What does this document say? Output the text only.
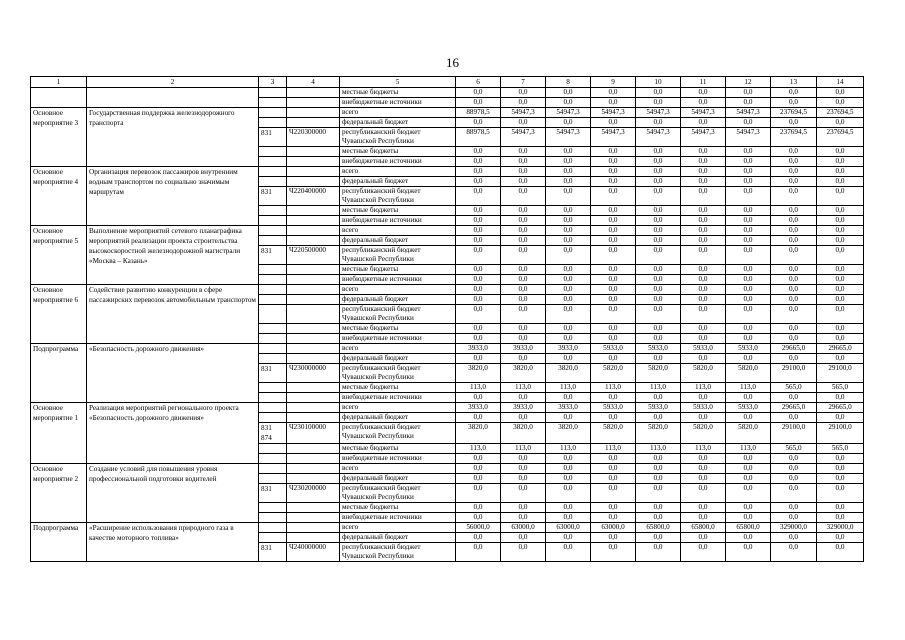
16
1	2	3	4	5	6	7	8	9	10	11	12	13	14
				местные бюджеты	0,0	0,0	0,0	0,0	0,0	0,0	0,0	0,0	0,0
				внебюджетные источники	0,0	0,0	0,0	0,0	0,0	0,0	0,0	0,0	0,0
Основное мероприятие 3	Государственная поддержка железнодорожного транспорта			всего	88978,5	54947,3	54947,3	54947,3	54947,3	54947,3	54947,3	237694,5	237694,5
				федеральный бюджет	0,0	0,0	0,0	0,0	0,0	0,0	0,0	0,0	0,0
		831	Ч220300000	республиканский бюджет Чувашской Республики	88978,5	54947,3	54947,3	54947,3	54947,3	54947,3	54947,3	237694,5	237694,5
				местные бюджеты	0,0	0,0	0,0	0,0	0,0	0,0	0,0	0,0	0,0
				внебюджетные источники	0,0	0,0	0,0	0,0	0,0	0,0	0,0	0,0	0,0
Основное мероприятие 4	Организация перевозок пассажиров внутренним водным транспортом по социально значимым маршрутам			всего	0,0	0,0	0,0	0,0	0,0	0,0	0,0	0,0	0,0
				федеральный бюджет	0,0	0,0	0,0	0,0	0,0	0,0	0,0	0,0	0,0
		831	Ч220400000	республиканский бюджет Чувашской Республики	0,0	0,0	0,0	0,0	0,0	0,0	0,0	0,0	0,0
				местные бюджеты	0,0	0,0	0,0	0,0	0,0	0,0	0,0	0,0	0,0
				внебюджетные источники	0,0	0,0	0,0	0,0	0,0	0,0	0,0	0,0	0,0
Основное мероприятие 5	Выполнение мероприятий сетевого планаграфика мероприятий реализации проекта строительства высокоскоростной железнодорожной магистрали «Москва – Казань»			всего	0,0	0,0	0,0	0,0	0,0	0,0	0,0	0,0	0,0
				федеральный бюджет	0,0	0,0	0,0	0,0	0,0	0,0	0,0	0,0	0,0
		831	Ч220500000	республиканский бюджет Чувашской Республики	0,0	0,0	0,0	0,0	0,0	0,0	0,0	0,0	0,0
				местные бюджеты	0,0	0,0	0,0	0,0	0,0	0,0	0,0	0,0	0,0
				внебюджетные источники	0,0	0,0	0,0	0,0	0,0	0,0	0,0	0,0	0,0
Основное мероприятие 6	Содействие развитию конкуренции в сфере пассажирских перевозок автомобильным транспортом			всего	0,0	0,0	0,0	0,0	0,0	0,0	0,0	0,0	0,0
				федеральный бюджет	0,0	0,0	0,0	0,0	0,0	0,0	0,0	0,0	0,0
				республиканский бюджет Чувашской Республики	0,0	0,0	0,0	0,0	0,0	0,0	0,0	0,0	0,0
				местные бюджеты	0,0	0,0	0,0	0,0	0,0	0,0	0,0	0,0	0,0
				внебюджетные источники	0,0	0,0	0,0	0,0	0,0	0,0	0,0	0,0	0,0
Подпрограмма	«Безопасность дорожного движения»			всего	3933,0	3933,0	3933,0	5933,0	5933,0	5933,0	5933,0	29665,0	29665,0
				федеральный бюджет	0,0	0,0	0,0	0,0	0,0	0,0	0,0	0,0	0,0
		831	Ч230000000	республиканский бюджет Чувашской Республики	3820,0	3820,0	3820,0	5820,0	5820,0	5820,0	5820,0	29100,0	29100,0
				местные бюджеты	113,0	113,0	113,0	113,0	113,0	113,0	113,0	565,0	565,0
				внебюджетные источники	0,0	0,0	0,0	0,0	0,0	0,0	0,0	0,0	0,0
Основное мероприятие 1	Реализация мероприятий регионального проекта «Безопасность дорожного движения»			всего	3933,0	3933,0	3933,0	5933,0	5933,0	5933,0	5933,0	29665,0	29665,0
				федеральный бюджет	0,0	0,0	0,0	0,0	0,0	0,0	0,0	0,0	0,0
		831 874	Ч230100000	республиканский бюджет Чувашской Республики	3820,0	3820,0	3820,0	5820,0	5820,0	5820,0	5820,0	29100,0	29100,0
				местные бюджеты	113,0	113,0	113,0	113,0	113,0	113,0	113,0	565,0	565,0
				внебюджетные источники	0,0	0,0	0,0	0,0	0,0	0,0	0,0	0,0	0,0
Основное мероприятие 2	Создание условий для повышения уровня профессиональной подготовки водителей			всего	0,0	0,0	0,0	0,0	0,0	0,0	0,0	0,0	0,0
				федеральный бюджет	0,0	0,0	0,0	0,0	0,0	0,0	0,0	0,0	0,0
		831	Ч230200000	республиканский бюджет Чувашской Республики	0,0	0,0	0,0	0,0	0,0	0,0	0,0	0,0	0,0
				местные бюджеты	0,0	0,0	0,0	0,0	0,0	0,0	0,0	0,0	0,0
				внебюджетные источники	0,0	0,0	0,0	0,0	0,0	0,0	0,0	0,0	0,0
Подпрограмма	«Расширение использования природного газа в качестве моторного топлива»			всего	56000,0	63000,0	63000,0	63000,0	65800,0	65800,0	65800,0	329000,0	329000,0
				федеральный бюджет	0,0	0,0	0,0	0,0	0,0	0,0	0,0	0,0	0,0
		831	Ч240000000	республиканский бюджет Чувашской Республики	0,0	0,0	0,0	0,0	0,0	0,0	0,0	0,0	0,0
